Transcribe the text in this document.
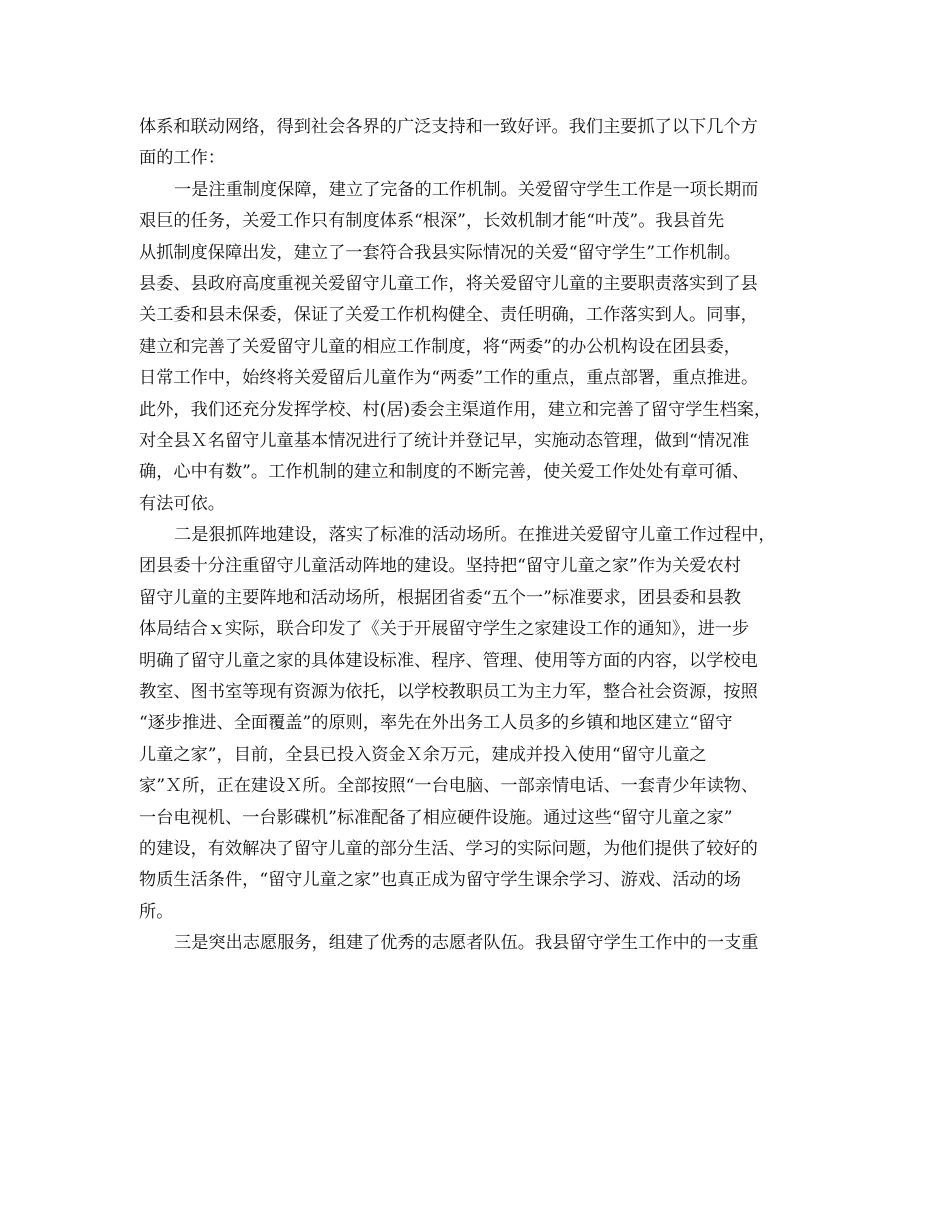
体系和联动网络，得到社会各界的广泛支持和一致好评。我们主要抓了以下几个方
面的工作：
一是注重制度保障，建立了完备的工作机制。关爱留守学生工作是一项长期而
艰巨的任务，关爱工作只有制度体系“根深”，长效机制才能“叶茂”。我县首先
从抓制度保障出发，建立了一套符合我县实际情况的关爱“留守学生”工作机制。
县委、县政府高度重视关爱留守儿童工作，将关爱留守儿童的主要职责落实到了县
关工委和县未保委，保证了关爱工作机构健全、责任明确，工作落实到人。同事，
建立和完善了关爱留守儿童的相应工作制度，将“两委”的办公机构设在团县委，
日常工作中，始终将关爱留后儿童作为“两委”工作的重点，重点部署，重点推进。
此外，我们还充分发挥学校、村(居)委会主渠道作用，建立和完善了留守学生档案，
对全县Ｘ名留守儿童基本情况进行了统计并登记早，实施动态管理，做到“情况准
确，心中有数”。工作机制的建立和制度的不断完善，使关爱工作处处有章可循、
有法可依。
二是狠抓阵地建设，落实了标准的活动场所。在推进关爱留守儿童工作过程中，
团县委十分注重留守儿童活动阵地的建设。坚持把“留守儿童之家”作为关爱农村
留守儿童的主要阵地和活动场所，根据团省委“五个一”标准要求，团县委和县教
体局结合ｘ实际，联合印发了《关于开展留守学生之家建设工作的通知》，进一步
明确了留守儿童之家的具体建设标准、程序、管理、使用等方面的内容，以学校电
教室、图书室等现有资源为依托，以学校教职员工为主力军，整合社会资源，按照
“逐步推进、全面覆盖”的原则，率先在外出务工人员多的乡镇和地区建立“留守
儿童之家”，目前，全县已投入资金Ｘ余万元，建成并投入使用“留守儿童之
家”Ｘ所，正在建设Ｘ所。全部按照“一台电脑、一部亲情电话、一套青少年读物、
一台电视机、一台影碟机”标准配备了相应硬件设施。通过这些“留守儿童之家”
的建设，有效解决了留守儿童的部分生活、学习的实际问题，为他们提供了较好的
物质生活条件，“留守儿童之家”也真正成为留守学生课余学习、游戏、活动的场
所。
三是突出志愿服务，组建了优秀的志愿者队伍。我县留守学生工作中的一支重
